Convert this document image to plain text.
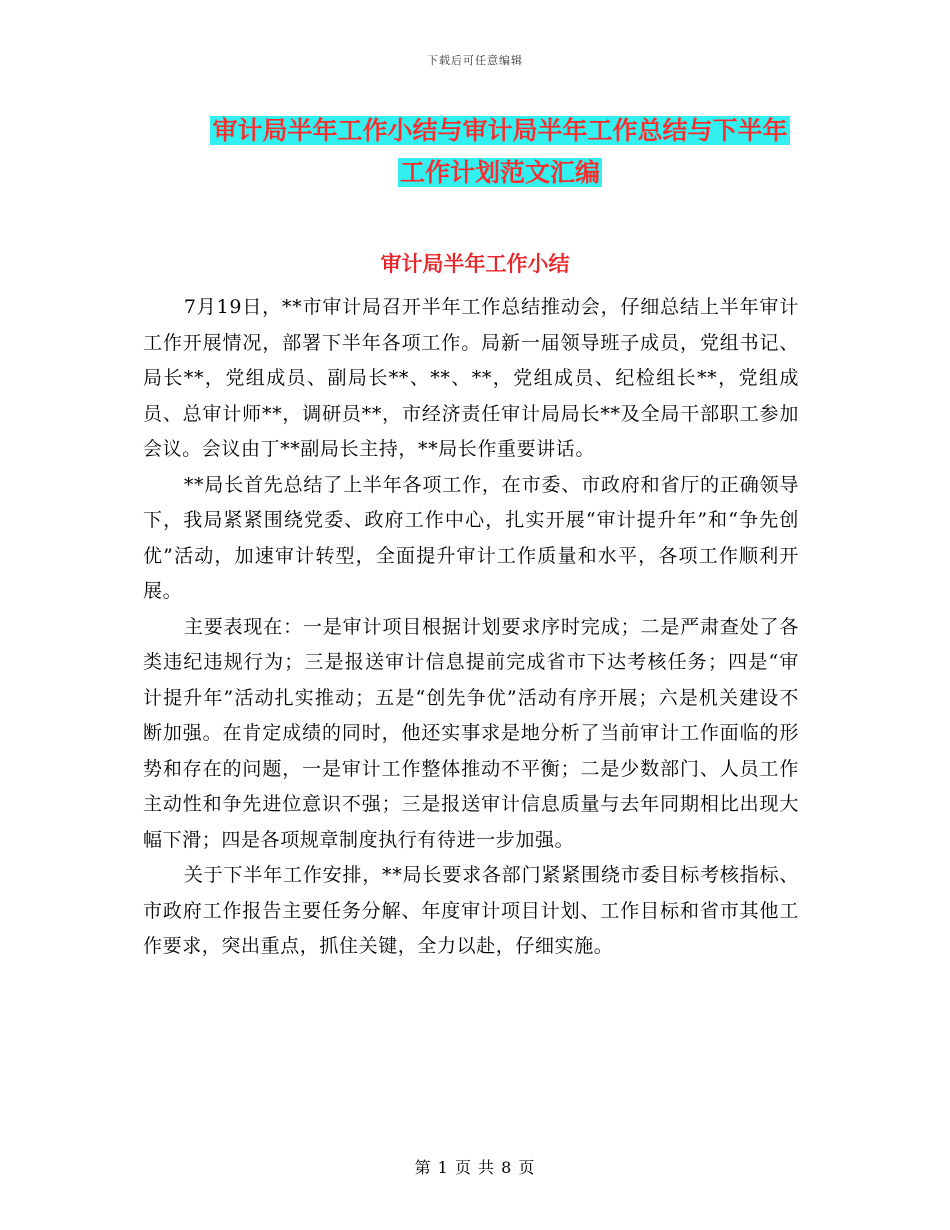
下载后可任意编辑
审计局半年工作小结与审计局半年工作总结与下半年
工作计划范文汇编
审计局半年工作小结

7月19日，**市审计局召开半年工作总结推动会，仔细总结上半年审计工作开展情况，部署下半年各项工作。局新一届领导班子成员，党组书记、局长**，党组成员、副局长**、**、**，党组成员、纪检组长**，党组成员、总审计师**，调研员**，市经济责任审计局局长**及全局干部职工参加会议。会议由丁**副局长主持，**局长作重要讲话。

**局长首先总结了上半年各项工作，在市委、市政府和省厅的正确领导下，我局紧紧围绕党委、政府工作中心，扎实开展“审计提升年”和“争先创优”活动，加速审计转型，全面提升审计工作质量和水平，各项工作顺利开展。

主要表现在：一是审计项目根据计划要求序时完成；二是严肃查处了各类违纪违规行为；三是报送审计信息提前完成省市下达考核任务；四是“审计提升年”活动扎实推动；五是“创先争优”活动有序开展；六是机关建设不断加强。在肯定成绩的同时，他还实事求是地分析了当前审计工作面临的形势和存在的问题，一是审计工作整体推动不平衡；二是少数部门、人员工作主动性和争先进位意识不强；三是报送审计信息质量与去年同期相比出现大幅下滑；四是各项规章制度执行有待进一步加强。

关于下半年工作安排，**局长要求各部门紧紧围绕市委目标考核指标、市政府工作报告主要任务分解、年度审计项目计划、工作目标和省市其他工作要求，突出重点，抓住关键，全力以赴，仔细实施。

第 1 页 共 8 页
